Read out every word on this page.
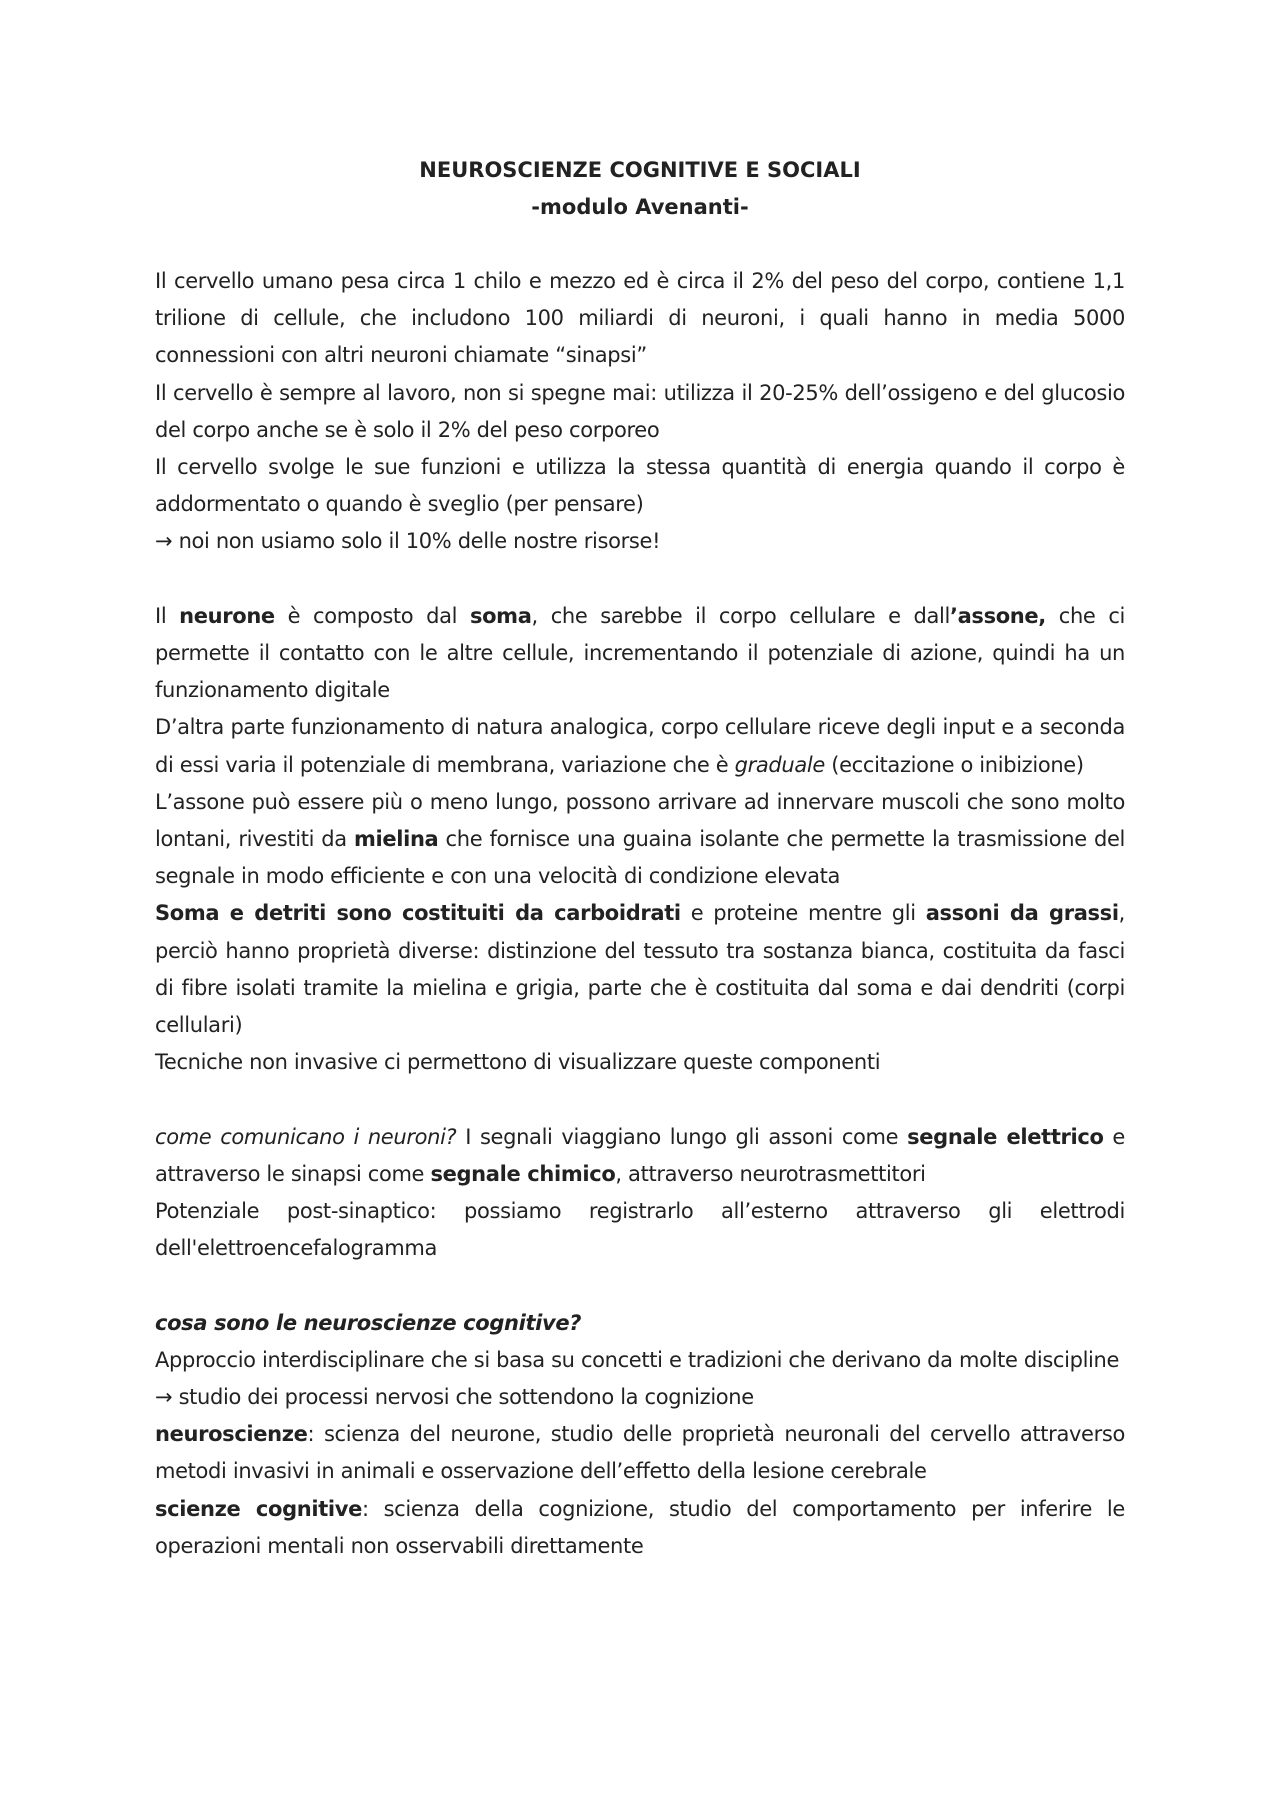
NEUROSCIENZE COGNITIVE E SOCIALI
-modulo Avenanti-

Il cervello umano pesa circa 1 chilo e mezzo ed è circa il 2% del peso del corpo, contiene 1,1 trilione di cellule, che includono 100 miliardi di neuroni, i quali hanno in media 5000 connessioni con altri neuroni chiamate “sinapsi”

Il cervello è sempre al lavoro, non si spegne mai: utilizza il 20-25% dell’ossigeno e del glucosio del corpo anche se è solo il 2% del peso corporeo

Il cervello svolge le sue funzioni e utilizza la stessa quantità di energia quando il corpo è addormentato o quando è sveglio (per pensare)

→ noi non usiamo solo il 10% delle nostre risorse!

Il neurone è composto dal soma, che sarebbe il corpo cellulare e dall’assone, che ci permette il contatto con le altre cellule, incrementando il potenziale di azione, quindi ha un funzionamento digitale

D’altra parte funzionamento di natura analogica, corpo cellulare riceve degli input e a seconda di essi varia il potenziale di membrana, variazione che è graduale (eccitazione o inibizione)

L’assone può essere più o meno lungo, possono arrivare ad innervare muscoli che sono molto lontani, rivestiti da mielina che fornisce una guaina isolante che permette la trasmissione del segnale in modo efficiente e con una velocità di condizione elevata

Soma e detriti sono costituiti da carboidrati e proteine mentre gli assoni da grassi, perciò hanno proprietà diverse: distinzione del tessuto tra sostanza bianca, costituita da fasci di fibre isolati tramite la mielina e grigia, parte che è costituita dal soma e dai dendriti (corpi cellulari)

Tecniche non invasive ci permettono di visualizzare queste componenti

come comunicano i neuroni? I segnali viaggiano lungo gli assoni come segnale elettrico e attraverso le sinapsi come segnale chimico, attraverso neurotrasmettitori

Potenziale post-sinaptico: possiamo registrarlo all’esterno attraverso gli elettrodi dell'elettroencefalogramma

cosa sono le neuroscienze cognitive?

Approccio interdisciplinare che si basa su concetti e tradizioni che derivano da molte discipline

→ studio dei processi nervosi che sottendono la cognizione

neuroscienze: scienza del neurone, studio delle proprietà neuronali del cervello attraverso metodi invasivi in animali e osservazione dell’effetto della lesione cerebrale

scienze cognitive: scienza della cognizione, studio del comportamento per inferire le operazioni mentali non osservabili direttamente
